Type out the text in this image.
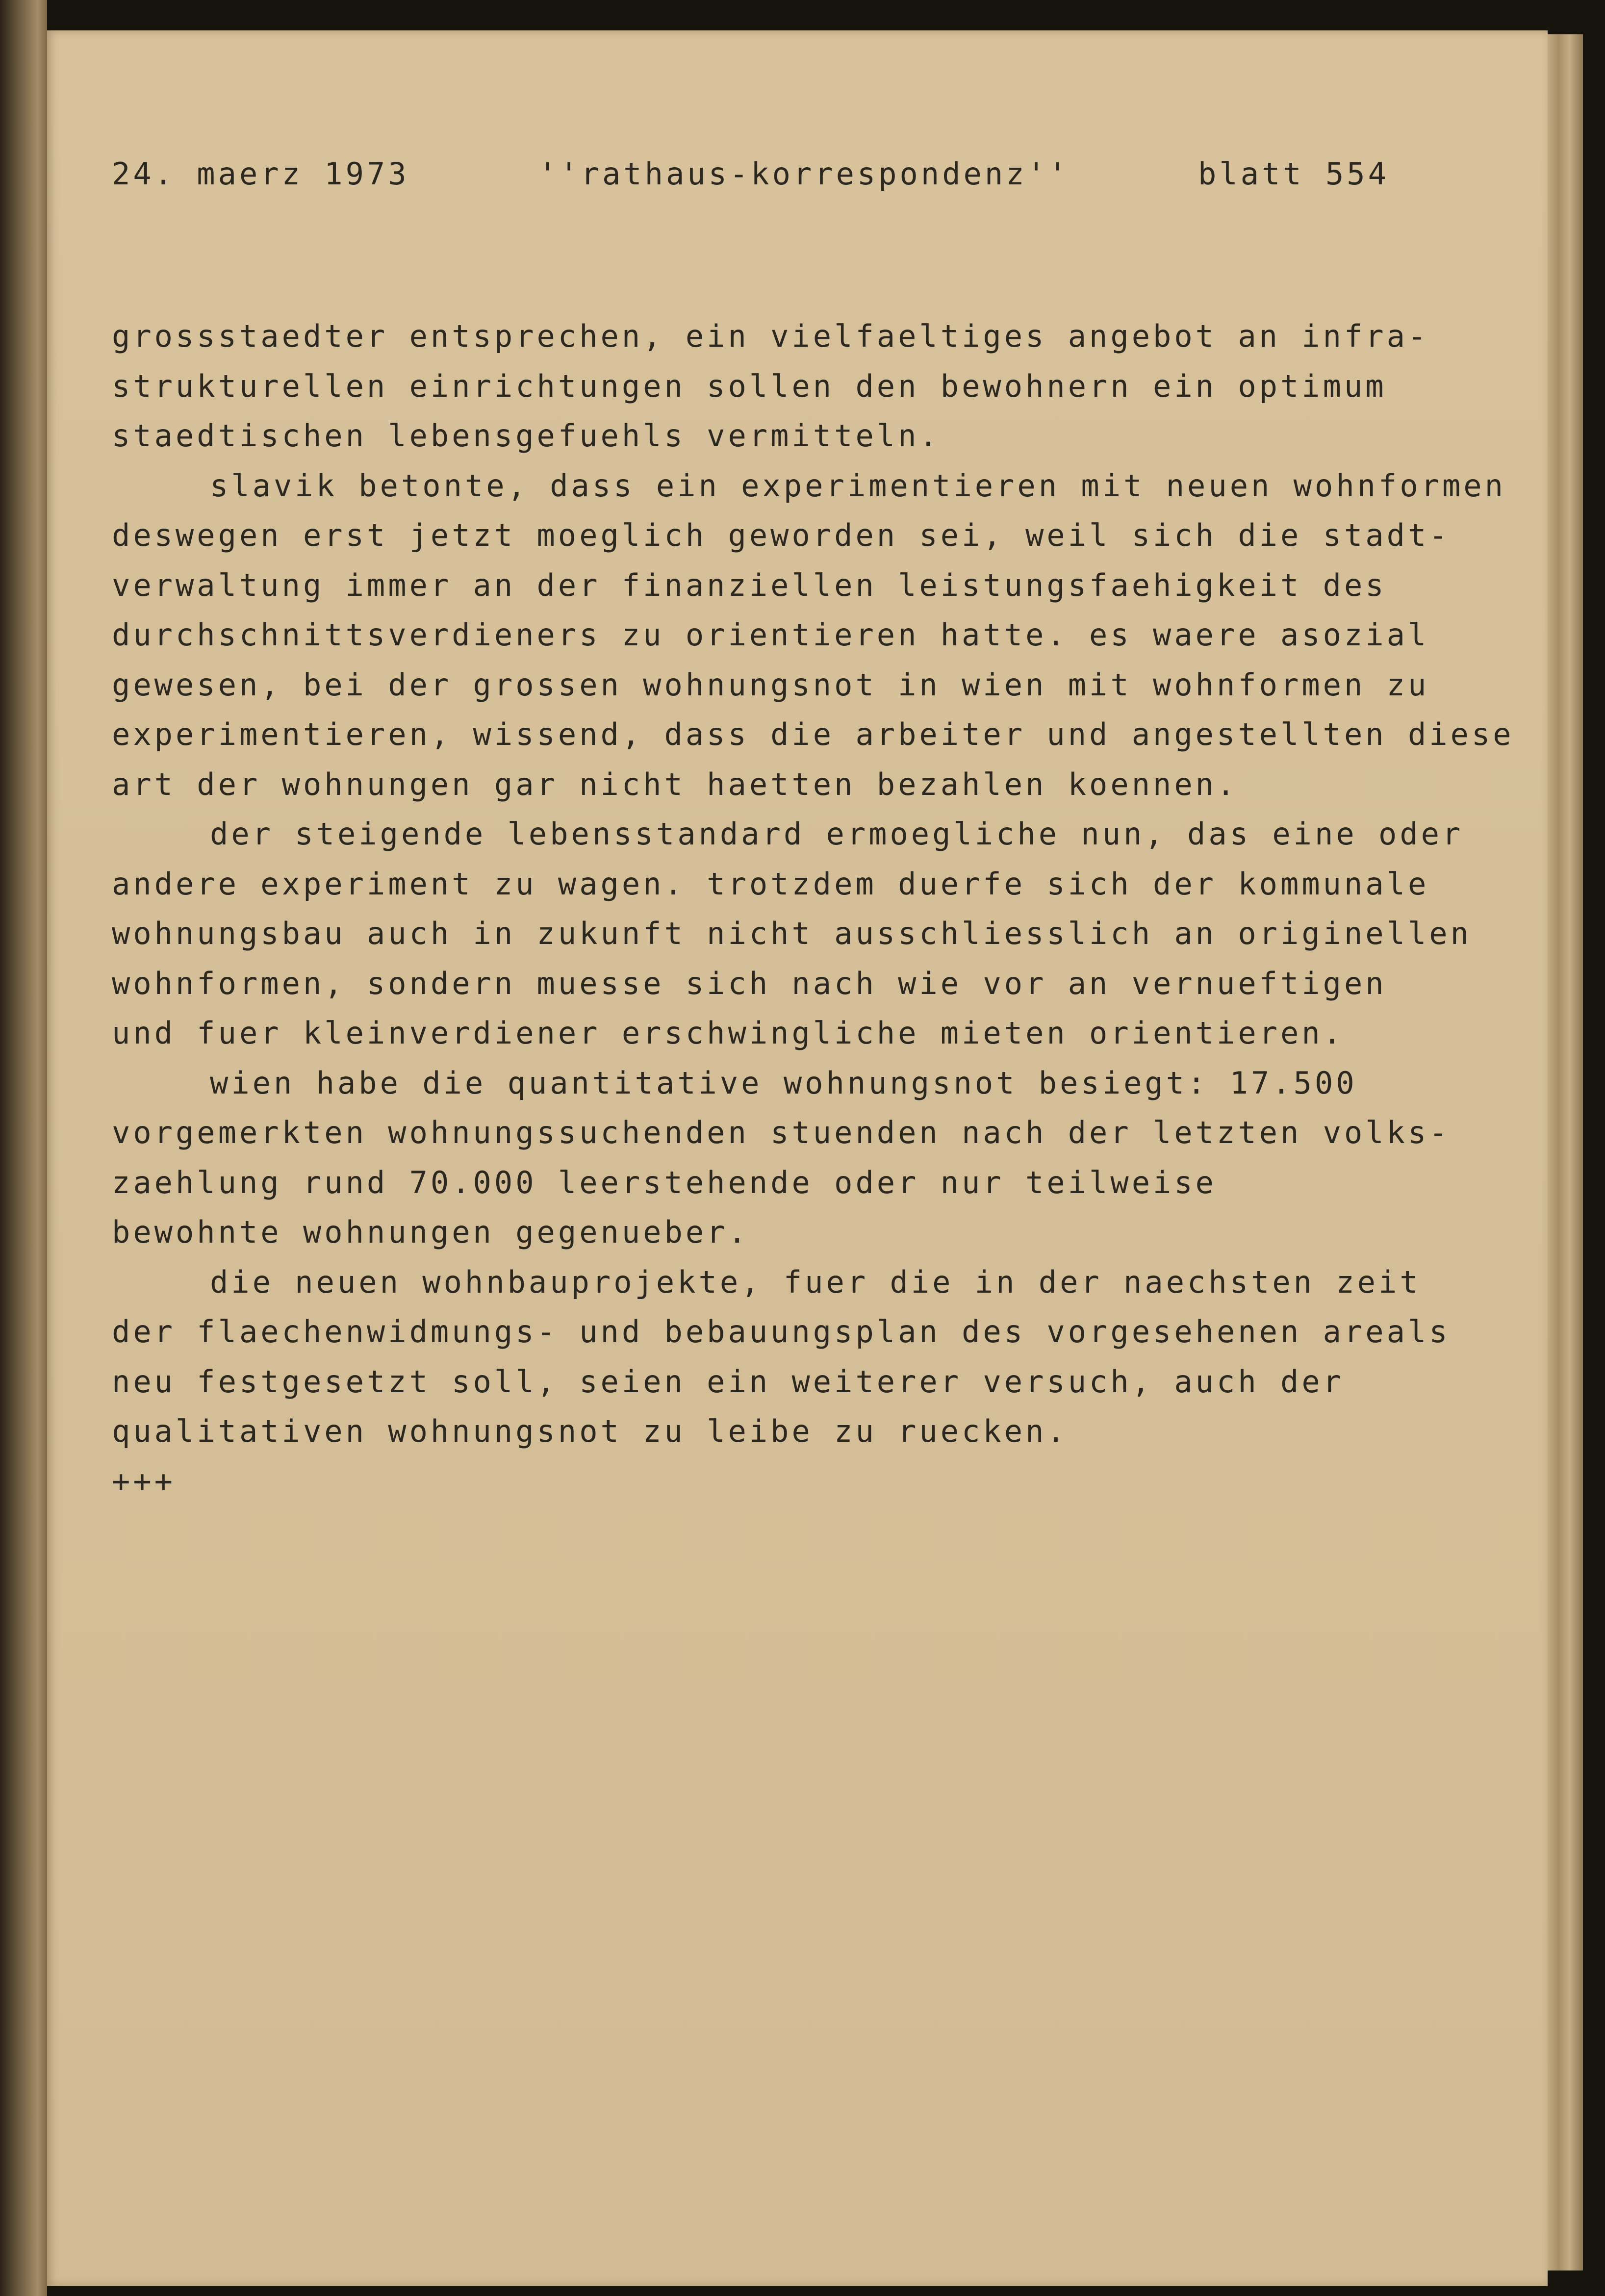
24. maerz 1973

	''rathaus-korrespondenz''

	blatt 554

grossstaedter entsprechen, ein vielfaeltiges angebot an infra-
strukturellen einrichtungen sollen den bewohnern ein optimum
staedtischen lebensgefuehls vermitteln.
slavik betonte, dass ein experimentieren mit neuen wohnformen
deswegen erst jetzt moeglich geworden sei, weil sich die stadt-
verwaltung immer an der finanziellen leistungsfaehigkeit des
durchschnittsverdieners zu orientieren hatte. es waere asozial
gewesen, bei der grossen wohnungsnot in wien mit wohnformen zu
experimentieren, wissend, dass die arbeiter und angestellten diese
art der wohnungen gar nicht haetten bezahlen koennen.
der steigende lebensstandard ermoegliche nun, das eine oder
andere experiment zu wagen. trotzdem duerfe sich der kommunale
wohnungsbau auch in zukunft nicht ausschliesslich an originellen
wohnformen, sondern muesse sich nach wie vor an vernueftigen
und fuer kleinverdiener erschwingliche mieten orientieren.
wien habe die quantitative wohnungsnot besiegt: 17.500
vorgemerkten wohnungssuchenden stuenden nach der letzten volks-
zaehlung rund 70.000 leerstehende oder nur teilweise
bewohnte wohnungen gegenueber.
die neuen wohnbauprojekte, fuer die in der naechsten zeit
der flaechenwidmungs- und bebauungsplan des vorgesehenen areals
neu festgesetzt soll, seien ein weiterer versuch, auch der
qualitativen wohnungsnot zu leibe zu ruecken.
+++
